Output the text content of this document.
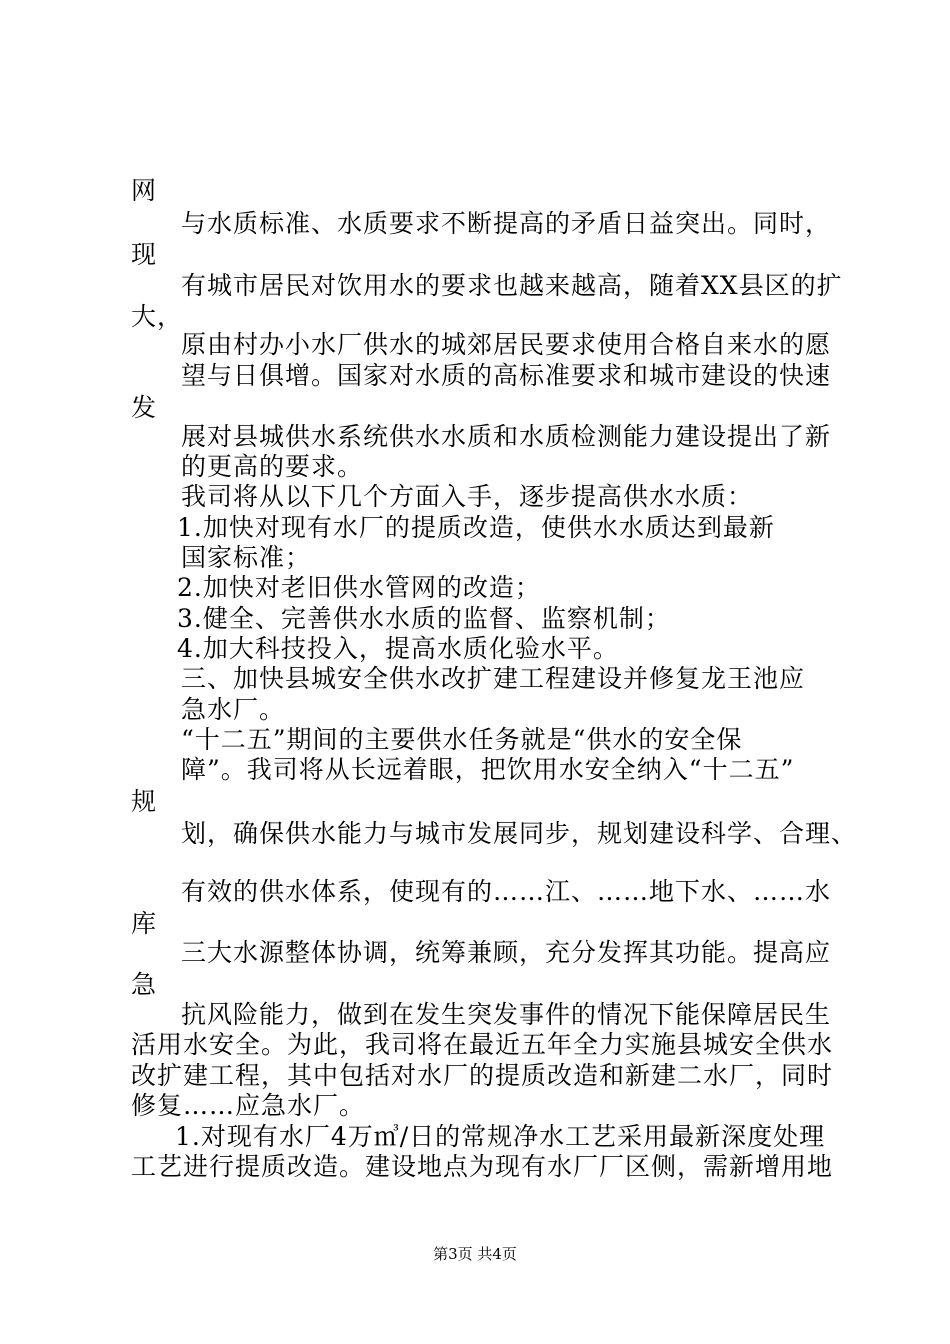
网
与水质标准、水质要求不断提高的矛盾日益突出。同时，
现
有城市居民对饮用水的要求也越来越高，随着XX县区的扩
大，
原由村办小水厂供水的城郊居民要求使用合格自来水的愿
望与日俱增。国家对水质的高标准要求和城市建设的快速
发
展对县城供水系统供水水质和水质检测能力建设提出了新
的更高的要求。
我司将从以下几个方面入手，逐步提高供水水质：
1.加快对现有水厂的提质改造，使供水水质达到最新
国家标准；
2.加快对老旧供水管网的改造；
3.健全、完善供水水质的监督、监察机制；
4.加大科技投入，提高水质化验水平。
三、加快县城安全供水改扩建工程建设并修复龙王池应
急水厂。
“十二五”期间的主要供水任务就是“供水的安全保
障”。我司将从长远着眼，把饮用水安全纳入“十二五”
规
划，确保供水能力与城市发展同步，规划建设科学、合理、
有效的供水体系，使现有的……江、……地下水、……水
库
三大水源整体协调，统筹兼顾，充分发挥其功能。提高应
急
抗风险能力，做到在发生突发事件的情况下能保障居民生
活用水安全。为此，我司将在最近五年全力实施县城安全供水
改扩建工程，其中包括对水厂的提质改造和新建二水厂，同时
修复……应急水厂。
1.对现有水厂4万㎥/日的常规净水工艺采用最新深度处理
工艺进行提质改造。建设地点为现有水厂厂区侧，需新增用地
第3页 共4页
